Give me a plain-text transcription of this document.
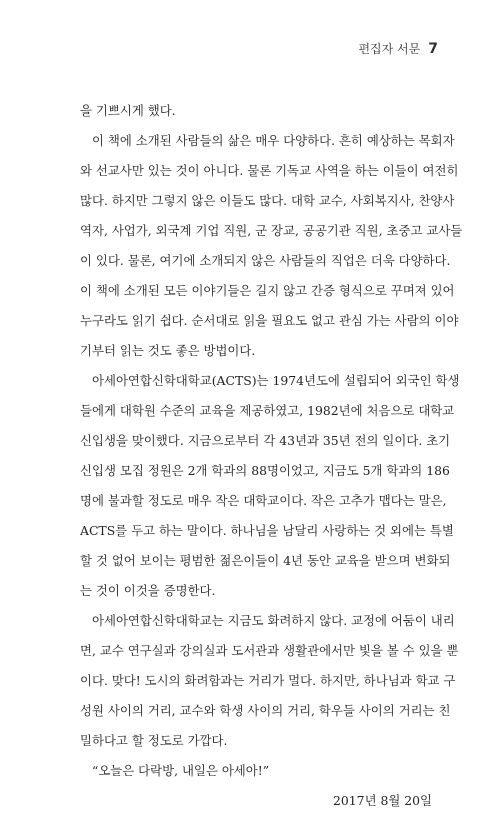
편집자 서문 7
을 기쁘시게 했다.
이 책에 소개된 사람들의 삶은 매우 다양하다. 흔히 예상하는 목회자
와 선교사만 있는 것이 아니다. 물론 기독교 사역을 하는 이들이 여전히
많다. 하지만 그렇지 않은 이들도 많다. 대학 교수, 사회복지사, 찬양사
역자, 사업가, 외국계 기업 직원, 군 장교, 공공기관 직원, 초중고 교사들
이 있다. 물론, 여기에 소개되지 않은 사람들의 직업은 더욱 다양하다.
이 책에 소개된 모든 이야기들은 길지 않고 간증 형식으로 꾸며져 있어
누구라도 읽기 쉽다. 순서대로 읽을 필요도 없고 관심 가는 사람의 이야
기부터 읽는 것도 좋은 방법이다.
아세아연합신학대학교(ACTS)는 1974년도에 설립되어 외국인 학생
들에게 대학원 수준의 교육을 제공하였고, 1982년에 처음으로 대학교
신입생을 맞이했다. 지금으로부터 각 43년과 35년 전의 일이다. 초기
신입생 모집 정원은 2개 학과의 88명이었고, 지금도 5개 학과의 186
명에 불과할 정도로 매우 작은 대학교이다. 작은 고추가 맵다는 말은,
ACTS를 두고 하는 말이다. 하나님을 남달리 사랑하는 것 외에는 특별
할 것 없어 보이는 평범한 젊은이들이 4년 동안 교육을 받으며 변화되
는 것이 이것을 증명한다.
아세아연합신학대학교는 지금도 화려하지 않다. 교정에 어둠이 내리
면, 교수 연구실과 강의실과 도서관과 생활관에서만 빛을 볼 수 있을 뿐
이다. 맞다! 도시의 화려함과는 거리가 멀다. 하지만, 하나님과 학교 구
성원 사이의 거리, 교수와 학생 사이의 거리, 학우들 사이의 거리는 친
밀하다고 할 정도로 가깝다.
“오늘은 다락방, 내일은 아세아!”
2017년 8월 20일
